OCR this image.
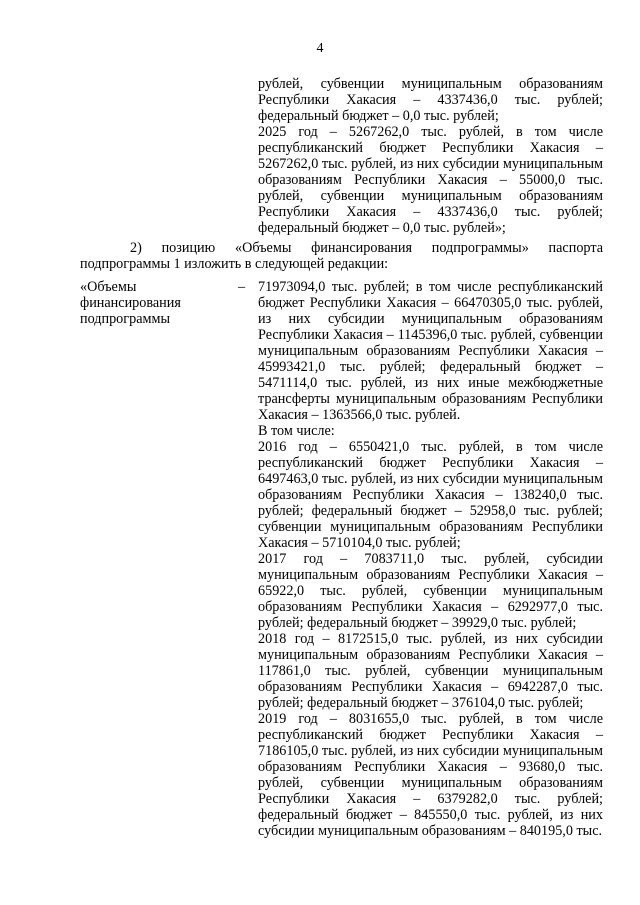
4

рублей, субвенции муниципальным образованиям Республики Хакасия – 4337436,0 тыс. рублей; федеральный бюджет – 0,0 тыс. рублей;

2025 год – 5267262,0 тыс. рублей, в том числе республиканский бюджет Республики Хакасия – 5267262,0 тыс. рублей, из них субсидии муниципальным образованиям Республики Хакасия – 55000,0 тыс. рублей, субвенции муниципальным образованиям Республики Хакасия – 4337436,0 тыс. рублей; федеральный бюджет – 0,0 тыс. рублей»;

2) позицию «Объемы финансирования подпрограммы» паспорта подпрограммы 1 изложить в следующей редакции:
«Объемы финансирования подпрограммы
– 71973094,0 тыс. рублей; в том числе республиканский бюджет Республики Хакасия – 66470305,0 тыс. рублей, из них субсидии муниципальным образованиям Республики Хакасия – 1145396,0 тыс. рублей, субвенции муниципальным образованиям Республики Хакасия – 45993421,0 тыс. рублей; федеральный бюджет – 5471114,0 тыс. рублей, из них иные межбюджетные трансферты муниципальным образованиям Республики Хакасия – 1363566,0 тыс. рублей.

В том числе:

2016 год – 6550421,0 тыс. рублей, в том числе республиканский бюджет Республики Хакасия – 6497463,0 тыс. рублей, из них субсидии муниципальным образованиям Республики Хакасия – 138240,0 тыс. рублей; федеральный бюджет – 52958,0 тыс. рублей; субвенции муниципальным образованиям Республики Хакасия – 5710104,0 тыс. рублей;

2017 год – 7083711,0 тыс. рублей, субсидии муниципальным образованиям Республики Хакасия – 65922,0 тыс. рублей, субвенции муниципальным образованиям Республики Хакасия – 6292977,0 тыс. рублей; федеральный бюджет – 39929,0 тыс. рублей;

2018 год – 8172515,0 тыс. рублей, из них субсидии муниципальным образованиям Республики Хакасия – 117861,0 тыс. рублей, субвенции муниципальным образованиям Республики Хакасия – 6942287,0 тыс. рублей; федеральный бюджет – 376104,0 тыс. рублей;

2019 год – 8031655,0 тыс. рублей, в том числе республиканский бюджет Республики Хакасия – 7186105,0 тыс. рублей, из них субсидии муниципальным образованиям Республики Хакасия – 93680,0 тыс. рублей, субвенции муниципальным образованиям Республики Хакасия – 6379282,0 тыс. рублей; федеральный бюджет – 845550,0 тыс. рублей, из них субсидии муниципальным образованиям – 840195,0 тыс.
